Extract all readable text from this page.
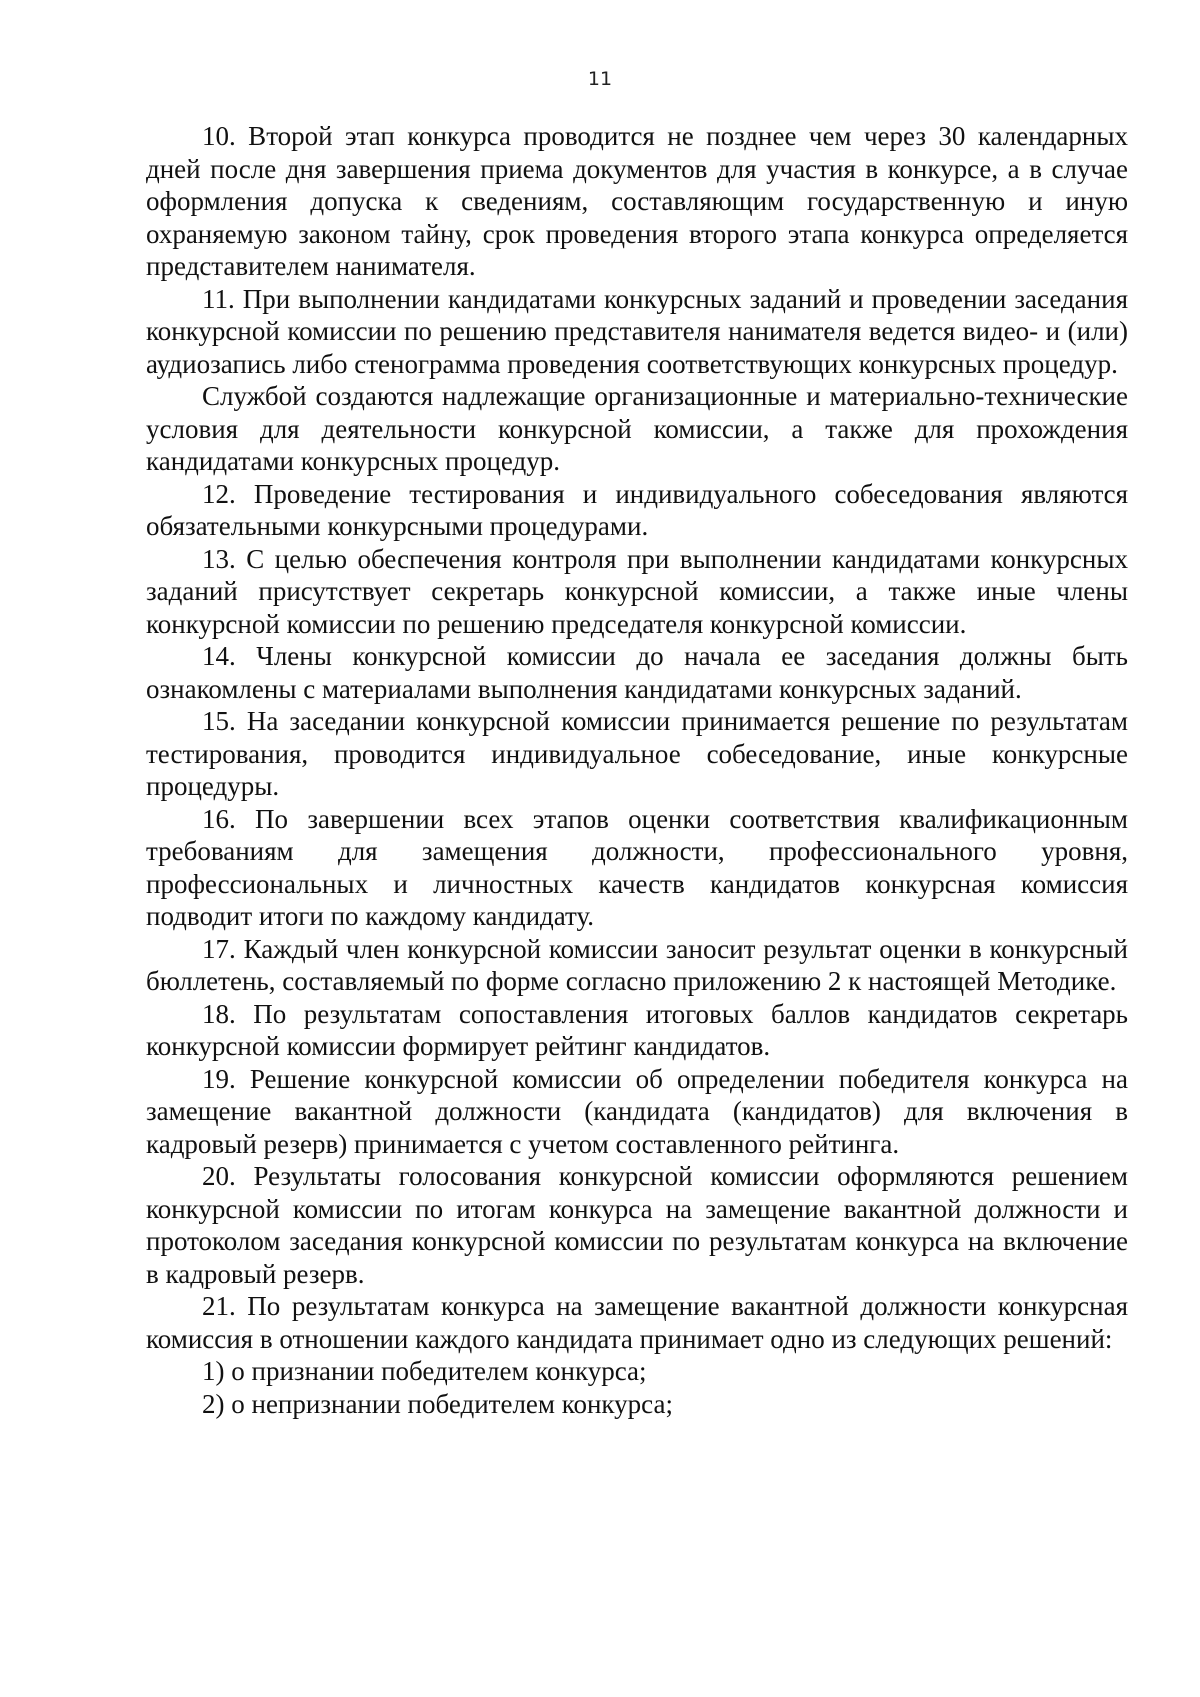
11

10. Второй этап конкурса проводится не позднее чем через 30 календарных дней после дня завершения приема документов для участия в конкурсе, а в случае оформления допуска к сведениям, составляющим государственную и иную охраняемую законом тайну, срок проведения второго этапа конкурса определяется представителем нанимателя.

11. При выполнении кандидатами конкурсных заданий и проведении заседания конкурсной комиссии по решению представителя нанимателя ведется видео- и (или) аудиозапись либо стенограмма проведения соответствующих конкурсных процедур.

Службой создаются надлежащие организационные и материально-технические условия для деятельности конкурсной комиссии, а также для прохождения кандидатами конкурсных процедур.

12. Проведение тестирования и индивидуального собеседования являются обязательными конкурсными процедурами.

13. С целью обеспечения контроля при выполнении кандидатами конкурсных заданий присутствует секретарь конкурсной комиссии, а также иные члены конкурсной комиссии по решению председателя конкурсной комиссии.

14. Члены конкурсной комиссии до начала ее заседания должны быть ознакомлены с материалами выполнения кандидатами конкурсных заданий.

15. На заседании конкурсной комиссии принимается решение по результатам тестирования, проводится индивидуальное собеседование, иные конкурсные процедуры.

16. По завершении всех этапов оценки соответствия квалификационным требованиям для замещения должности, профессионального уровня, профессиональных и личностных качеств кандидатов конкурсная комиссия подводит итоги по каждому кандидату.

17. Каждый член конкурсной комиссии заносит результат оценки в конкурсный бюллетень, составляемый по форме согласно приложению 2 к настоящей Методике.

18. По результатам сопоставления итоговых баллов кандидатов секретарь конкурсной комиссии формирует рейтинг кандидатов.

19. Решение конкурсной комиссии об определении победителя конкурса на замещение вакантной должности (кандидата (кандидатов) для включения в кадровый резерв) принимается с учетом составленного рейтинга.

20. Результаты голосования конкурсной комиссии оформляются решением конкурсной комиссии по итогам конкурса на замещение вакантной должности и протоколом заседания конкурсной комиссии по результатам конкурса на включение в кадровый резерв.

21. По результатам конкурса на замещение вакантной должности конкурсная комиссия в отношении каждого кандидата принимает одно из следующих решений:

1) о признании победителем конкурса;

2) о непризнании победителем конкурса;
